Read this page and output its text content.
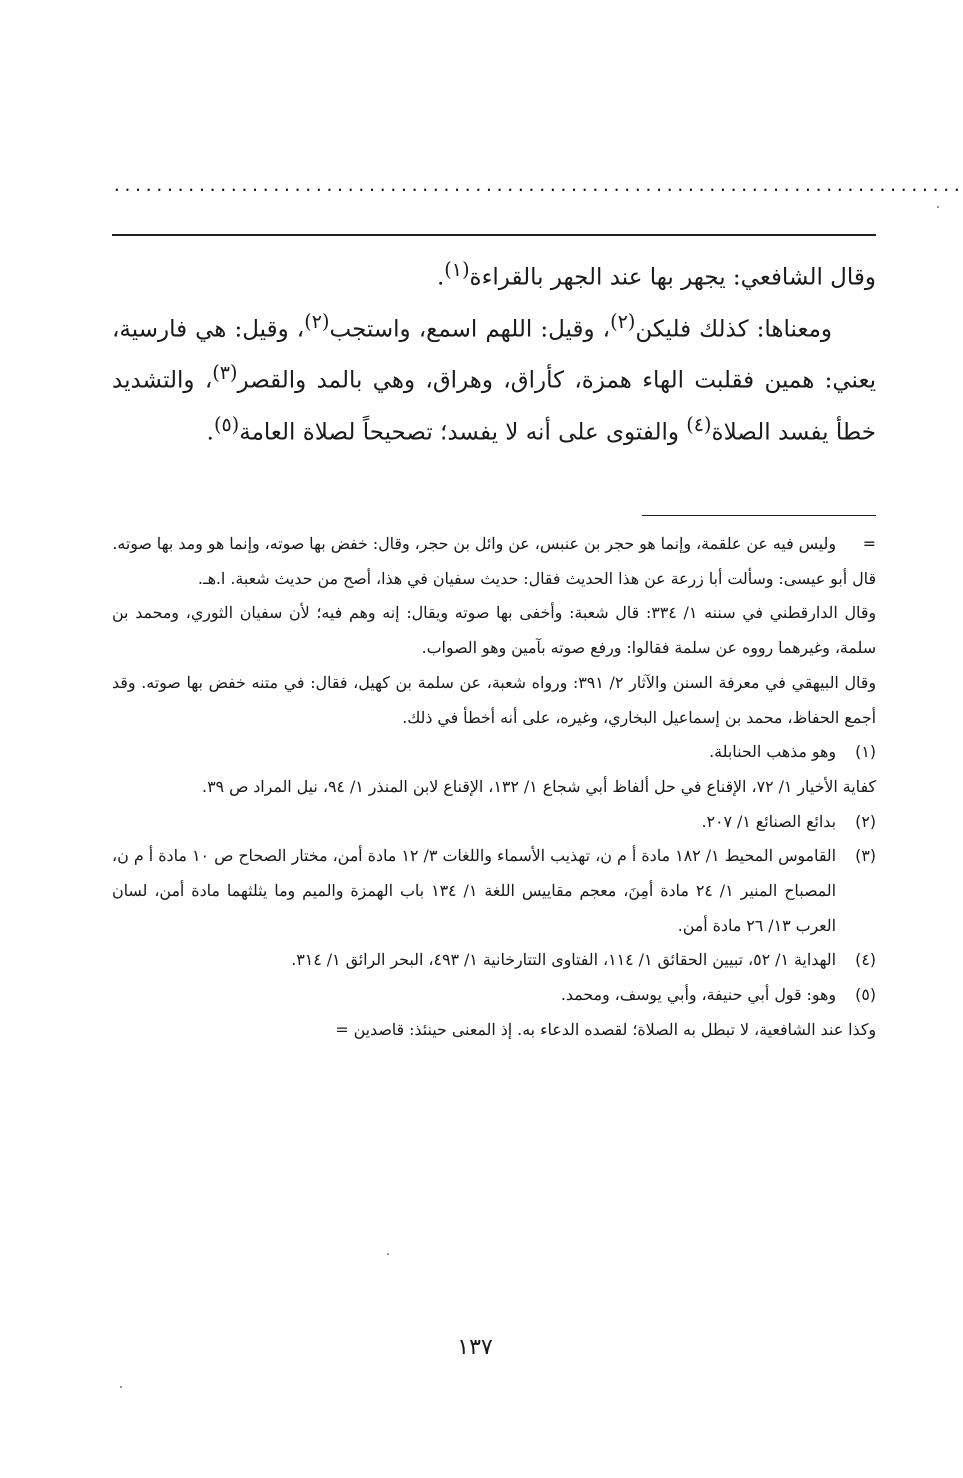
................................................................................

وقال الشافعي: يجهر بها عند الجهر بالقراءة$^{(١)}$.

ومعناها: كذلك فليكن$^{(٢)}$، وقيل: اللهم اسمع، واستجب$^{(٢)}$، وقيل: هي فارسية، يعني: همين فقلبت الهاء همزة، كأراق، وهراق، وهي بالمد والقصر$^{(٣)}$، والتشديد خطأ يفسد الصلاة$^{(٤)}$ والفتوى على أنه لا يفسد؛ تصحيحاً لصلاة العامة$^{(٥)}$.

=

وليس فيه عن علقمة، وإنما هو حجر بن عنبس، عن وائل بن حجر، وقال: خفض بها صوته، وإنما هو ومد بها صوته.

قال أبو عيسى: وسألت أبا زرعة عن هذا الحديث فقال: حديث سفيان في هذا، أصح من حديث شعبة. ا.هـ.

وقال الدارقطني في سننه ١/ ٣٣٤: قال شعبة: وأخفى بها صوته ويقال: إنه وهم فيه؛ لأن سفيان الثوري، ومحمد بن سلمة، وغيرهما رووه عن سلمة فقالوا: ورفع صوته بآمين وهو الصواب.

وقال البيهقي في معرفة السنن والآثار ٢/ ٣٩١: ورواه شعبة، عن سلمة بن كهيل، فقال: في متنه خفض بها صوته. وقد أجمع الحفاظ، محمد بن إسماعيل البخاري، وغيره، على أنه أخطأ في ذلك.

(١)

وهو مذهب الحنابلة.

كفاية الأخيار ١/ ٧٢، الإقناع في حل ألفاظ أبي شجاع ١/ ١٣٢، الإقناع لابن المنذر ١/ ٩٤، نيل المراد ص ٣٩.

(٢)

بدائع الصنائع ١/ ٢٠٧.

(٣)

القاموس المحيط ١/ ١٨٢ مادة أ م ن، تهذيب الأسماء واللغات ٣/ ١٢ مادة أمن، مختار الصحاح ص ١٠ مادة أ م ن، المصباح المنير ١/ ٢٤ مادة أمِنَ، معجم مقاييس اللغة ١/ ١٣٤ باب الهمزة والميم وما يثلثهما مادة أمن، لسان العرب ١٣/ ٢٦ مادة أمن.

(٤)

الهداية ١/ ٥٢، تبيين الحقائق ١/ ١١٤، الفتاوى التتارخانية ١/ ٤٩٣، البحر الرائق ١/ ٣١٤.

(٥)

وهو: قول أبي حنيفة، وأبي يوسف، ومحمد.

وكذا عند الشافعية، لا تبطل به الصلاة؛ لقصده الدعاء به. إذ المعنى حينئذ: قاصدين =

١٣٧
